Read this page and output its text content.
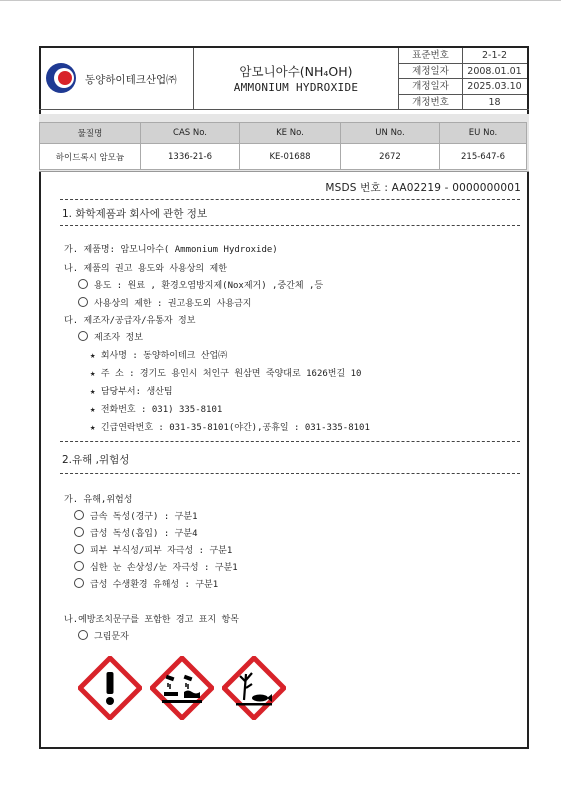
동양하이테크산업㈜
암모니아수(NH₄OH)
AMMONIUM HYDROXIDE
표준번호	2-1-2
제정일자	2008.01.01
개정일자	2025.03.10
개정번호	18
물질명	CAS No.	KE No.	UN No.	EU No.
하이드록시 암모늄	1336-21-6	KE-01688	2672	215-647-6
MSDS 번호 : AA02219 - 0000000001
1. 화학제품과 회사에 관한 정보
가. 제품명: 암모니아수( Ammonium Hydroxide)
나. 제품의 권고 용도와 사용상의 제한
용도 : 원료 , 환경오염방지제(Nox제거) ,중간체 ,등
사용상의 제한 : 권고용도외 사용금지
다. 제조자/공급자/유통자 정보
제조자 정보
★ 회사명 : 동양하이테크 산업㈜
★ 주 소 : 경기도 용인시 처인구 원삼면 죽양대로 1626번길 10
★ 담당부서: 생산팀
★ 전화번호 : 031) 335-8101
★ 긴급연락번호 : 031-35-8101(야간),공휴일 : 031-335-8101
2.유해 ,위험성
가. 유해,위험성
금속 독성(경구) : 구분1
급성 독성(흡입) : 구분4
피부 부식성/피부 자극성 : 구분1
심한 눈 손상성/눈 자극성 : 구분1
급성 수생환경 유해성 : 구분1
나.예방조치문구를 포함한 경고 표지 항목
그림문자
